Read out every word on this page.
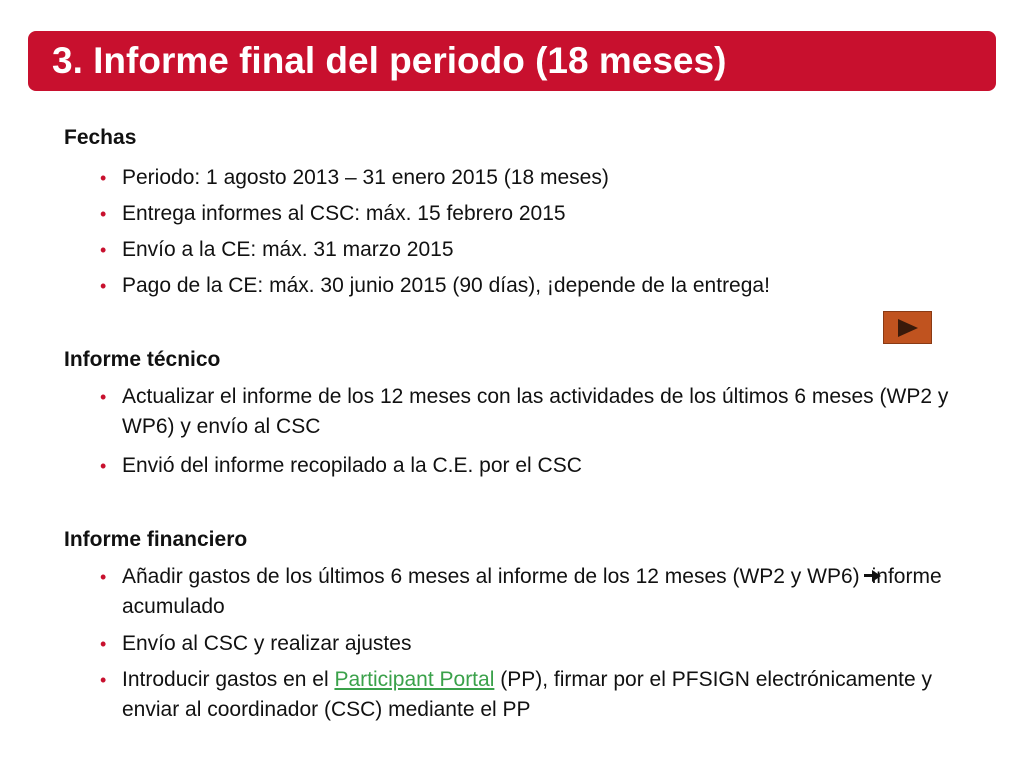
3. Informe final del periodo (18 meses)
Fechas
• Periodo: 1 agosto 2013 – 31 enero 2015 (18 meses)
• Entrega informes al CSC: máx. 15 febrero 2015
• Envío a la CE: máx. 31 marzo 2015
• Pago de la CE: máx. 30 junio 2015 (90 días), ¡depende de la entrega!
Informe técnico
• Actualizar el informe de los 12 meses con las actividades de los últimos 6 meses (WP2 y WP6) y envío al CSC
• Envió del informe recopilado a la C.E. por el CSC
Informe financiero
• Añadir gastos de los últimos 6 meses al informe de los 12 meses (WP2 y WP6) informe acumulado
• Envío al CSC y realizar ajustes
• Introducir gastos en el Participant Portal (PP), firmar por el PFSIGN electrónicamente y enviar al coordinador (CSC) mediante el PP
